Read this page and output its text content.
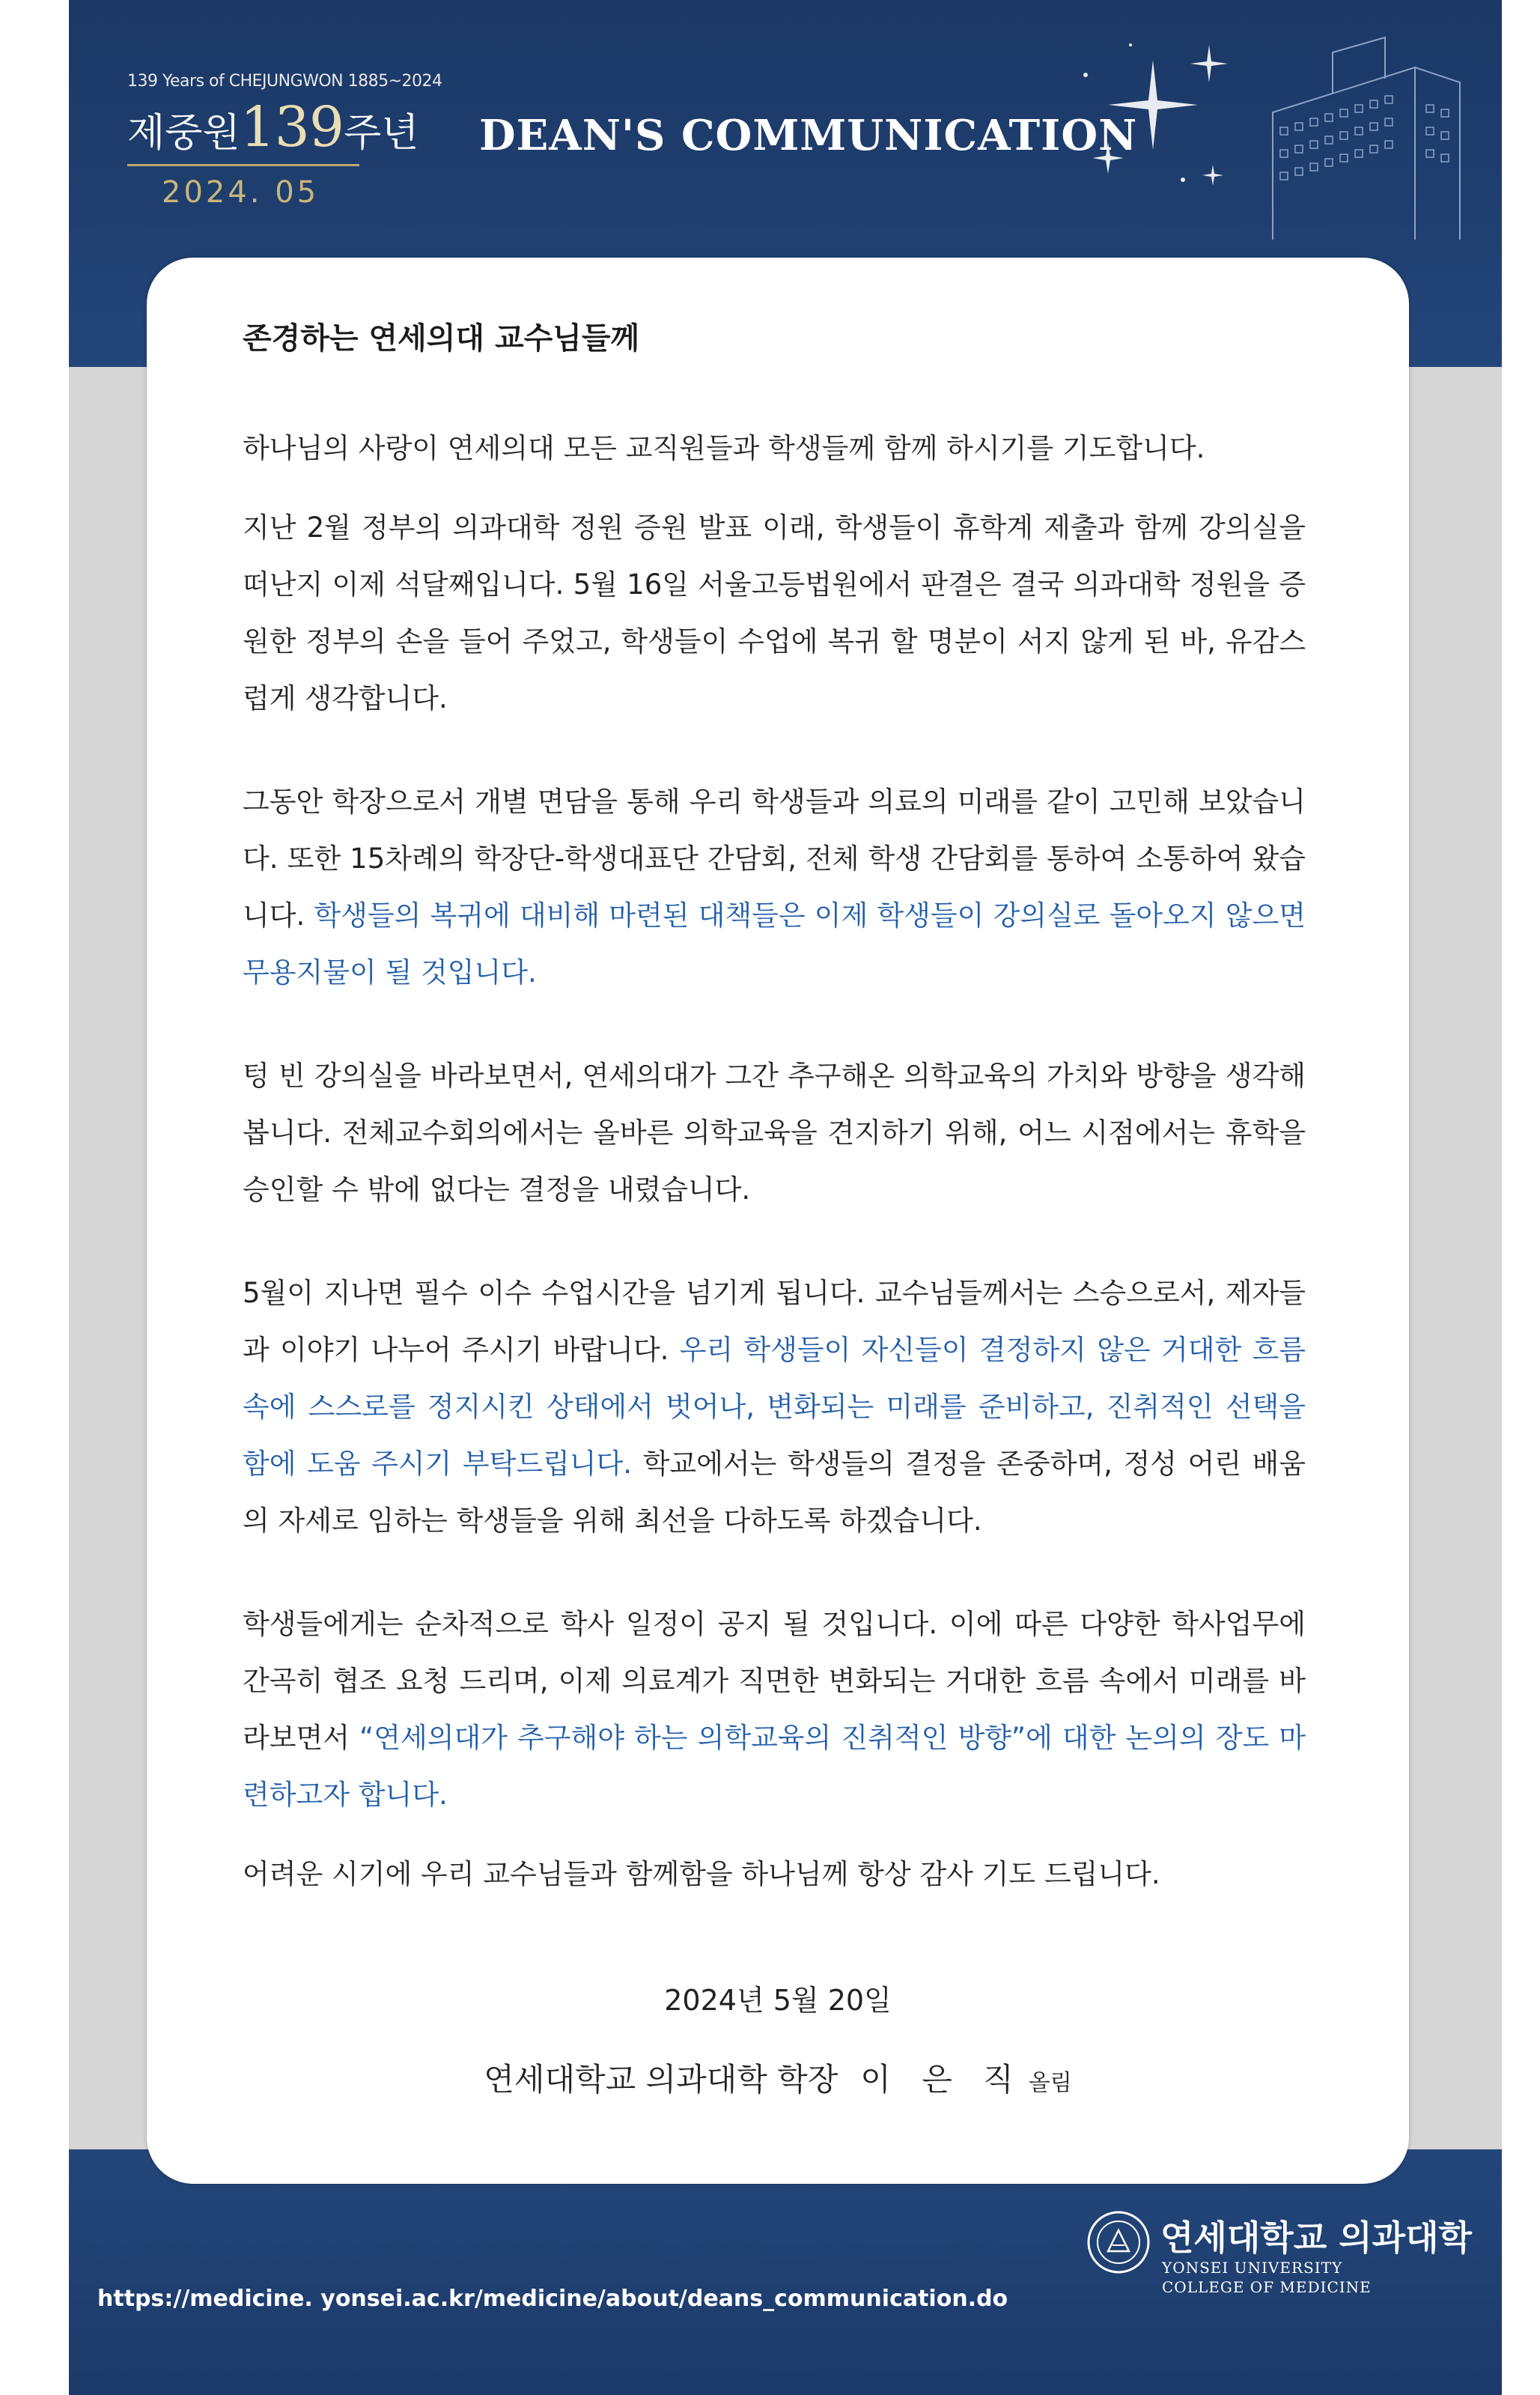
139 Years of CHEJUNGWON 1885~2024
제중원139주년
2024. 05
DEAN'S COMMUNICATION

존경하는 연세의대 교수님들께

하나님의 사랑이 연세의대 모든 교직원들과 학생들께 함께 하시기를 기도합니다.

지난 2월 정부의 의과대학 정원 증원 발표 이래, 학생들이 휴학계 제출과 함께 강의실을 떠난지 이제 석달째입니다. 5월 16일 서울고등법원에서 판결은 결국 의과대학 정원을 증원한 정부의 손을 들어 주었고, 학생들이 수업에 복귀 할 명분이 서지 않게 된 바, 유감스럽게 생각합니다.

그동안 학장으로서 개별 면담을 통해 우리 학생들과 의료의 미래를 같이 고민해 보았습니다. 또한 15차례의 학장단-학생대표단 간담회, 전체 학생 간담회를 통하여 소통하여 왔습니다. 학생들의 복귀에 대비해 마련된 대책들은 이제 학생들이 강의실로 돌아오지 않으면 무용지물이 될 것입니다.

텅 빈 강의실을 바라보면서, 연세의대가 그간 추구해온 의학교육의 가치와 방향을 생각해 봅니다. 전체교수회의에서는 올바른 의학교육을 견지하기 위해, 어느 시점에서는 휴학을 승인할 수 밖에 없다는 결정을 내렸습니다.

5월이 지나면 필수 이수 수업시간을 넘기게 됩니다. 교수님들께서는 스승으로서, 제자들과 이야기 나누어 주시기 바랍니다. 우리 학생들이 자신들이 결정하지 않은 거대한 흐름 속에 스스로를 정지시킨 상태에서 벗어나, 변화되는 미래를 준비하고, 진취적인 선택을 함에 도움 주시기 부탁드립니다. 학교에서는 학생들의 결정을 존중하며, 정성 어린 배움의 자세로 임하는 학생들을 위해 최선을 다하도록 하겠습니다.

학생들에게는 순차적으로 학사 일정이 공지 될 것입니다. 이에 따른 다양한 학사업무에 간곡히 협조 요청 드리며, 이제 의료계가 직면한 변화되는 거대한 흐름 속에서 미래를 바라보면서 “연세의대가 추구해야 하는 의학교육의 진취적인 방향”에 대한 논의의 장도 마련하고자 합니다.

어려운 시기에 우리 교수님들과 함께함을 하나님께 항상 감사 기도 드립니다.

2024년 5월 20일
연세대학교 의과대학 학장 이 은 직 올림
https://medicine. yonsei.ac.kr/medicine/about/deans_communication.do
연세대학교 의과대학
YONSEI UNIVERSITY
COLLEGE OF MEDICINE
